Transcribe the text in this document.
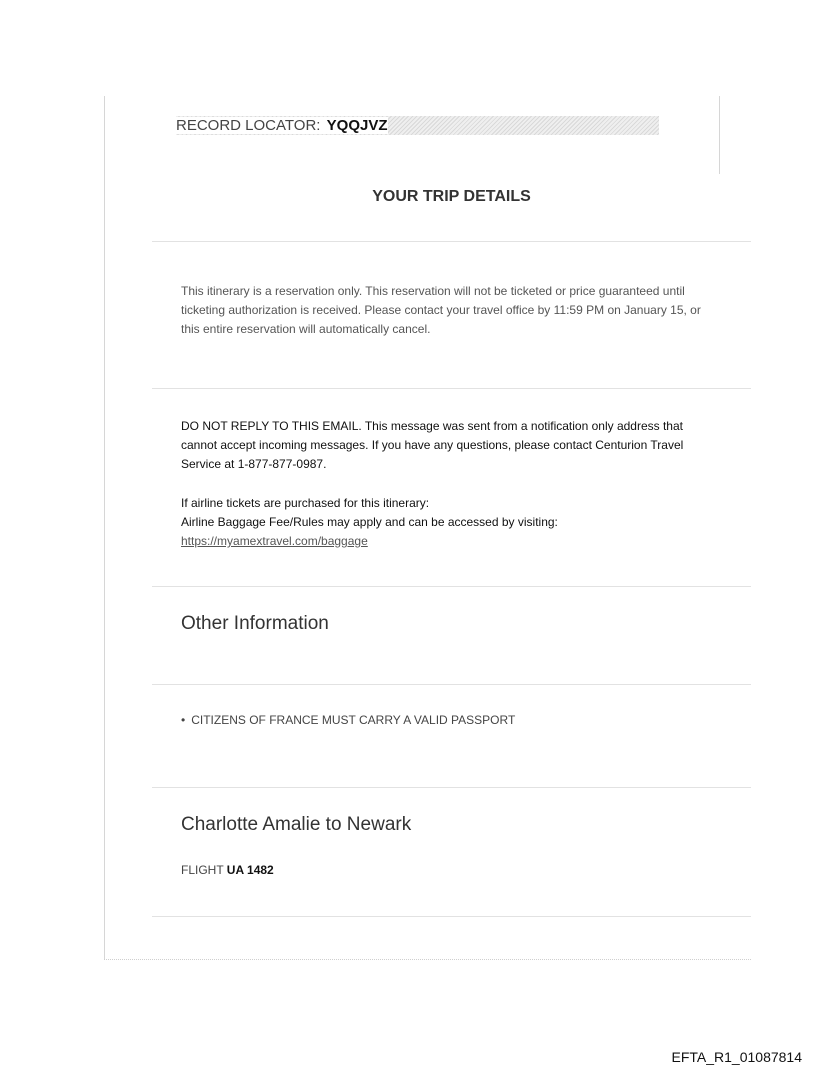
RECORD LOCATOR: YQQJVZ
YOUR TRIP DETAILS
This itinerary is a reservation only. This reservation will not be ticketed or price guaranteed until
ticketing authorization is received. Please contact your travel office by 11:59 PM on January 15, or
this entire reservation will automatically cancel.
DO NOT REPLY TO THIS EMAIL. This message was sent from a notification only address that
cannot accept incoming messages. If you have any questions, please contact Centurion Travel
Service at 1-877-877-0987.
If airline tickets are purchased for this itinerary:
Airline Baggage Fee/Rules may apply and can be accessed by visiting:
https://myamextravel.com/baggage
Other Information
• CITIZENS OF FRANCE MUST CARRY A VALID PASSPORT
Charlotte Amalie to Newark
FLIGHT UA 1482
EFTA_R1_01087814
